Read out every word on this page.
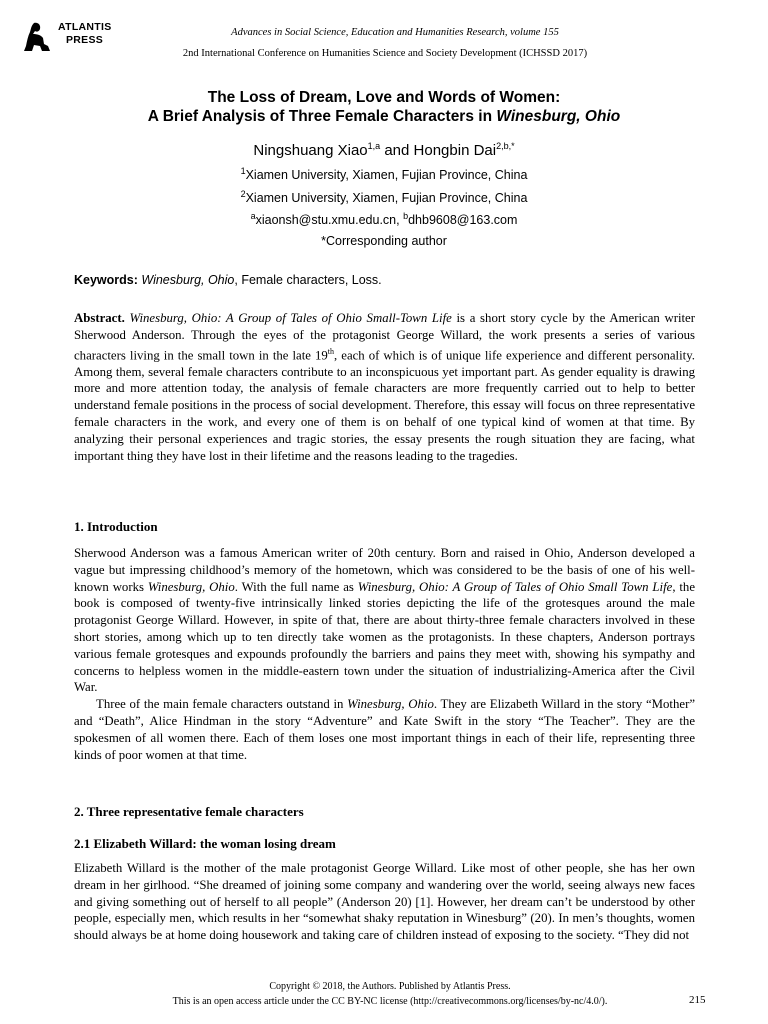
ATLANTIS
PRESS
Advances in Social Science, Education and Humanities Research, volume 155
2nd International Conference on Humanities Science and Society Development (ICHSSD 2017)
The Loss of Dream, Love and Words of Women:
A Brief Analysis of Three Female Characters in Winesburg, Ohio
Ningshuang Xiao$^{1,a}$ and Hongbin Dai$^{2,b,*}$
$^1$Xiamen University, Xiamen, Fujian Province, China
$^2$Xiamen University, Xiamen, Fujian Province, China
$^a$xiaonsh@stu.xmu.edu.cn, $^b$dhb9608@163.com
*Corresponding author
Keywords: Winesburg, Ohio, Female characters, Loss.

Abstract. Winesburg, Ohio: A Group of Tales of Ohio Small-Town Life is a short story cycle by the American writer Sherwood Anderson. Through the eyes of the protagonist George Willard, the work presents a series of various characters living in the small town in the late 19th, each of which is of unique life experience and different personality. Among them, several female characters contribute to an inconspicuous yet important part. As gender equality is drawing more and more attention today, the analysis of female characters are more frequently carried out to help to better understand female positions in the process of social development. Therefore, this essay will focus on three representative female characters in the work, and every one of them is on behalf of one typical kind of women at that time. By analyzing their personal experiences and tragic stories, the essay presents the rough situation they are facing, what important thing they have lost in their lifetime and the reasons leading to the tragedies.

1. Introduction

Sherwood Anderson was a famous American writer of 20th century. Born and raised in Ohio, Anderson developed a vague but impressing childhood’s memory of the hometown, which was considered to be the basis of one of his well-known works Winesburg, Ohio. With the full name as Winesburg, Ohio: A Group of Tales of Ohio Small Town Life, the book is composed of twenty-five intrinsically linked stories depicting the life of the grotesques around the male protagonist George Willard. However, in spite of that, there are about thirty-three female characters involved in these short stories, among which up to ten directly take women as the protagonists. In these chapters, Anderson portrays various female grotesques and expounds profoundly the barriers and pains they meet with, showing his sympathy and concerns to helpless women in the middle-eastern town under the situation of industrializing-America after the Civil War.

Three of the main female characters outstand in Winesburg, Ohio. They are Elizabeth Willard in the story “Mother” and “Death”, Alice Hindman in the story “Adventure” and Kate Swift in the story “The Teacher”. They are the spokesmen of all women there. Each of them loses one most important things in each of their life, representing three kinds of poor women at that time.

2. Three representative female characters
2.1 Elizabeth Willard: the woman losing dream

Elizabeth Willard is the mother of the male protagonist George Willard. Like most of other people, she has her own dream in her girlhood. “She dreamed of joining some company and wandering over the world, seeing always new faces and giving something out of herself to all people” (Anderson 20) [1]. However, her dream can’t be understood by other people, especially men, which results in her “somewhat shaky reputation in Winesburg” (20). In men’s thoughts, women should always be at home doing housework and taking care of children instead of exposing to the society. “They did not

Copyright © 2018, the Authors. Published by Atlantis Press.
This is an open access article under the CC BY-NC license (http://creativecommons.org/licenses/by-nc/4.0/).	215
